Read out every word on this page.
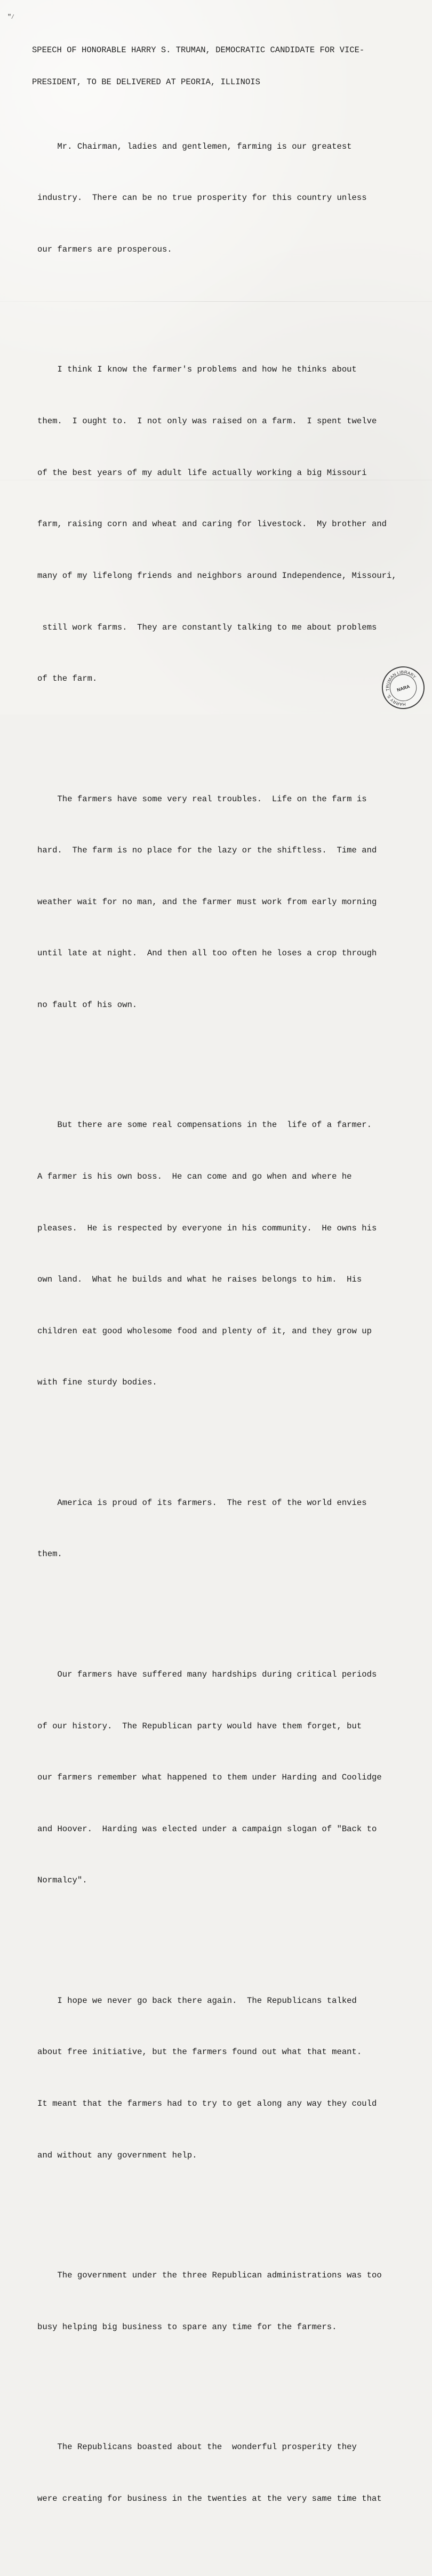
"∕

SPEECH OF HONORABLE HARRY S. TRUMAN, DEMOCRATIC CANDIDATE FOR VICE-

PRESIDENT, TO BE DELIVERED AT PEORIA, ILLINOIS

Mr. Chairman, ladies and gentlemen, farming is our greatest

industry.  There can be no true prosperity for this country unless

our farmers are prosperous.

I think I know the farmer's problems and how he thinks about

them.  I ought to.  I not only was raised on a farm.  I spent twelve

of the best years of my adult life actually working a big Missouri

farm, raising corn and wheat and caring for livestock.  My brother and

many of my lifelong friends and neighbors around Independence, Missouri,

still work farms.  They are constantly talking to me about problems

of the farm.

The farmers have some very real troubles.  Life on the farm is

hard.  The farm is no place for the lazy or the shiftless.  Time and

weather wait for no man, and the farmer must work from early morning

until late at night.  And then all too often he loses a crop through

no fault of his own.

But there are some real compensations in the  life of a farmer.

A farmer is his own boss.  He can come and go when and where he

pleases.  He is respected by everyone in his community.  He owns his

own land.  What he builds and what he raises belongs to him.  His

children eat good wholesome food and plenty of it, and they grow up

with fine sturdy bodies.

America is proud of its farmers.  The rest of the world envies

them.

Our farmers have suffered many hardships during critical periods

of our history.  The Republican party would have them forget, but

our farmers remember what happened to them under Harding and Coolidge

and Hoover.  Harding was elected under a campaign slogan of "Back to

Normalcy".

I hope we never go back there again.  The Republicans talked

about free initiative, but the farmers found out what that meant.

It meant that the farmers had to try to get along any way they could

and without any government help.

The government under the three Republican administrations was too

busy helping big business to spare any time for the farmers.

The Republicans boasted about the  wonderful prosperity they

were creating for business in the twenties at the very same time that

TRUMAN LIBRARY
HARRY S.
NARA
